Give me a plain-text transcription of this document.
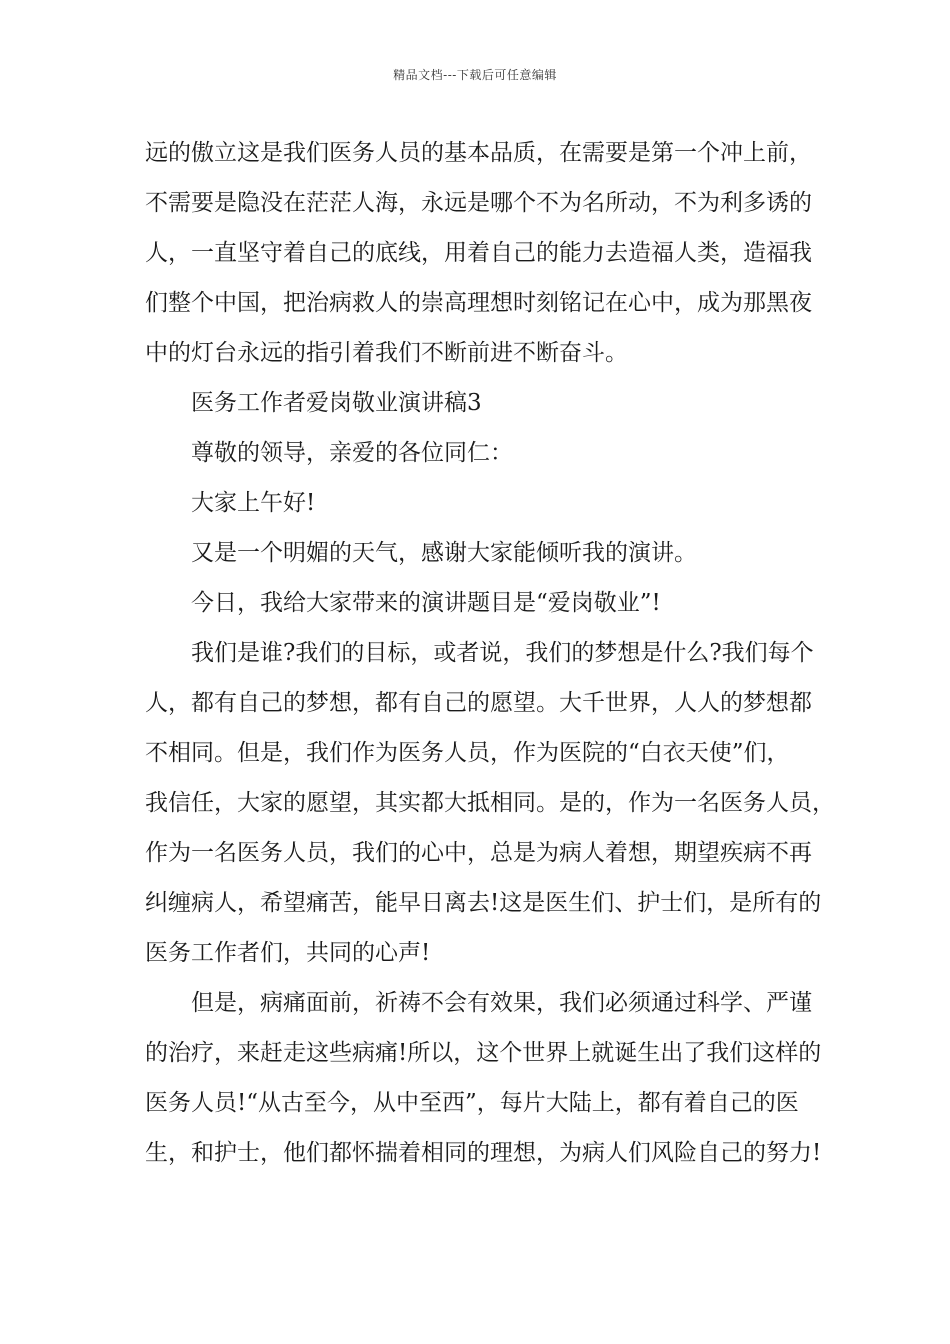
精品文档---下载后可任意编辑
远的傲立这是我们医务人员的基本品质，在需要是第一个冲上前，
不需要是隐没在茫茫人海，永远是哪个不为名所动，不为利多诱的
人，一直坚守着自己的底线，用着自己的能力去造福人类，造福我
们整个中国，把治病救人的崇高理想时刻铭记在心中，成为那黑夜
中的灯台永远的指引着我们不断前进不断奋斗。
医务工作者爱岗敬业演讲稿3
尊敬的领导，亲爱的各位同仁：
大家上午好!
又是一个明媚的天气，感谢大家能倾听我的演讲。
今日，我给大家带来的演讲题目是“爱岗敬业”!
我们是谁?我们的目标，或者说，我们的梦想是什么?我们每个
人，都有自己的梦想，都有自己的愿望。大千世界，人人的梦想都
不相同。但是，我们作为医务人员，作为医院的“白衣天使”们，
我信任，大家的愿望，其实都大抵相同。是的，作为一名医务人员，
作为一名医务人员，我们的心中，总是为病人着想，期望疾病不再
纠缠病人，希望痛苦，能早日离去!这是医生们、护士们，是所有的
医务工作者们，共同的心声!
但是，病痛面前，祈祷不会有效果，我们必须通过科学、严谨
的治疗，来赶走这些病痛!所以，这个世界上就诞生出了我们这样的
医务人员!“从古至今，从中至西”，每片大陆上，都有着自己的医
生，和护士，他们都怀揣着相同的理想，为病人们风险自己的努力!
